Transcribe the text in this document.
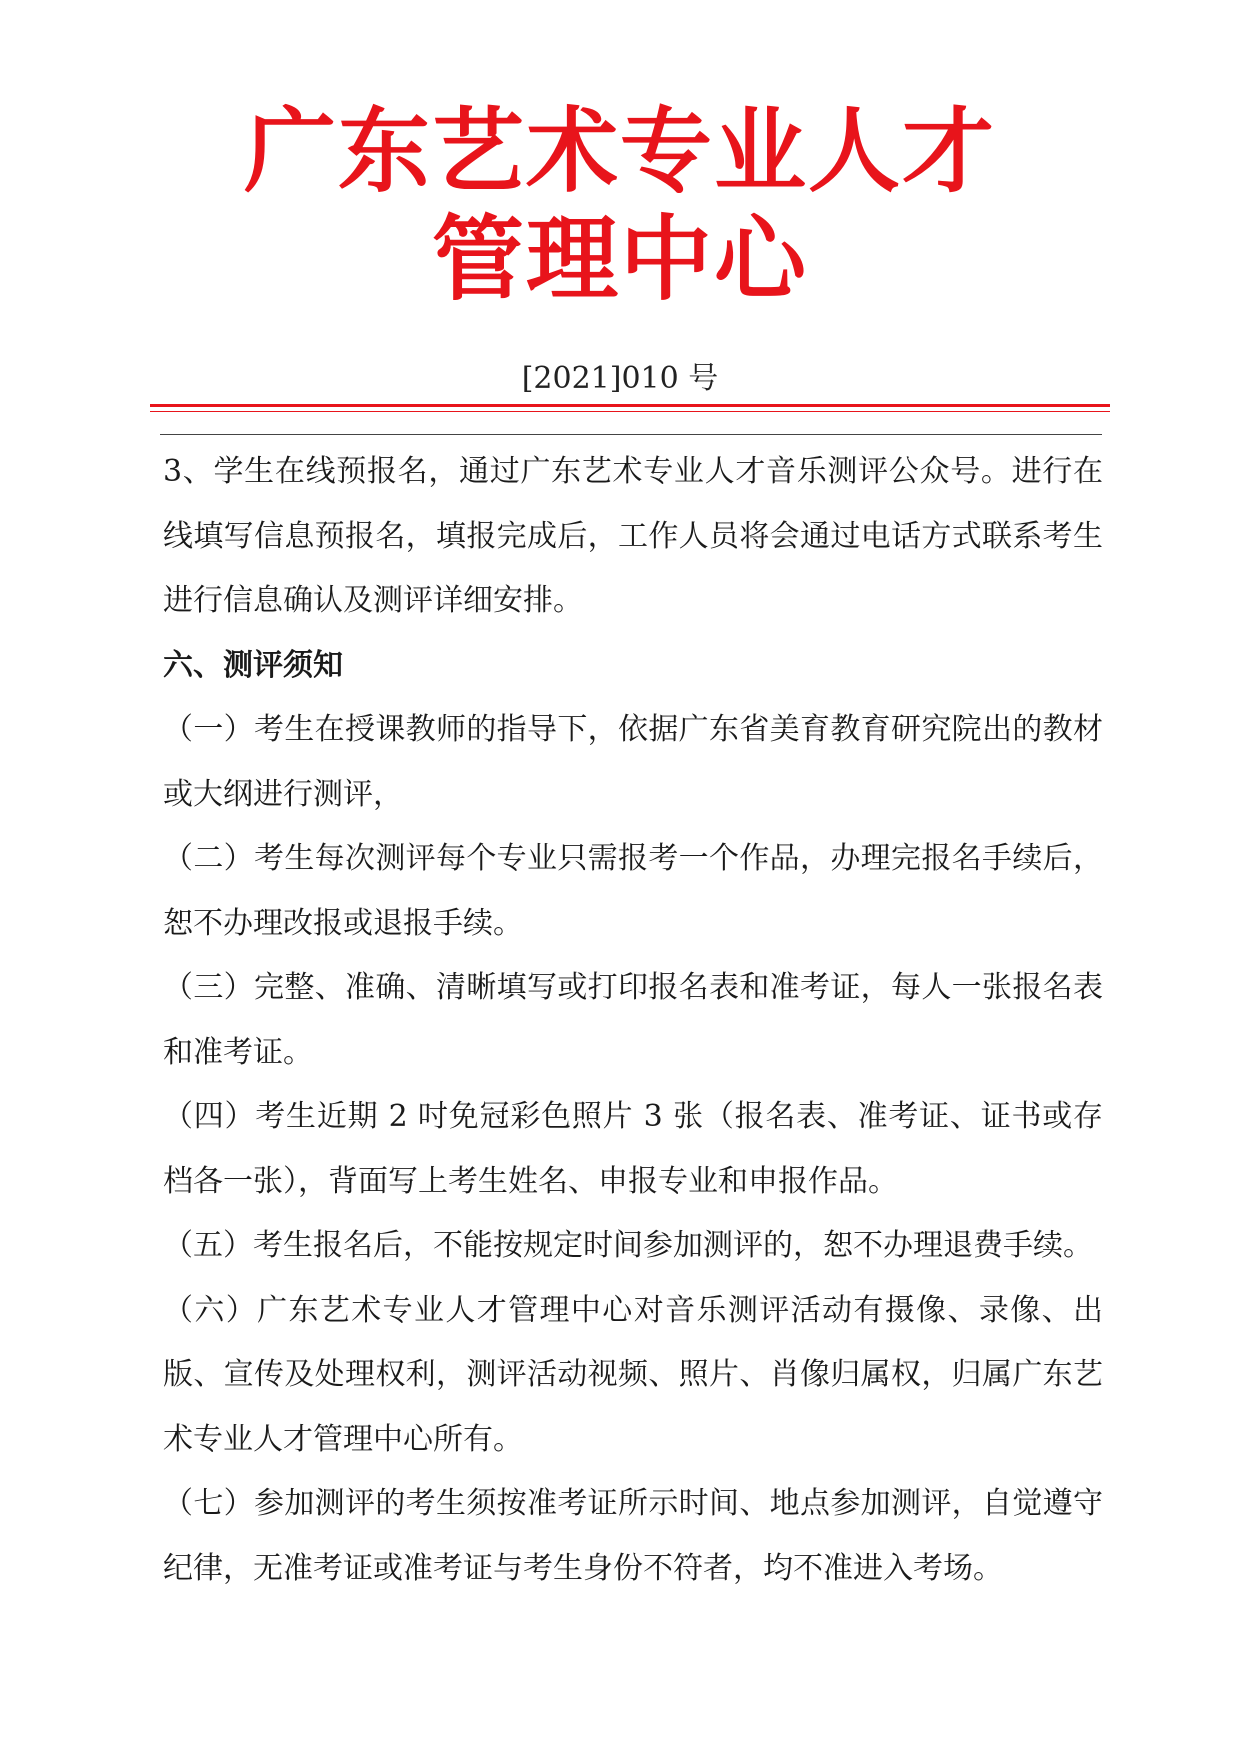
广东艺术专业人才
管理中心
[2021]010 号

3、学生在线预报名，通过广东艺术专业人才音乐测评公众号。进行在线填写信息预报名，填报完成后，工作人员将会通过电话方式联系考生进行信息确认及测评详细安排。

六、测评须知

（一）考生在授课教师的指导下，依据广东省美育教育研究院出的教材或大纲进行测评，

（二）考生每次测评每个专业只需报考一个作品，办理完报名手续后，恕不办理改报或退报手续。

（三）完整、准确、清晰填写或打印报名表和准考证，每人一张报名表和准考证。

（四）考生近期 2 吋免冠彩色照片 3 张（报名表、准考证、证书或存档各一张），背面写上考生姓名、申报专业和申报作品。

（五）考生报名后，不能按规定时间参加测评的，恕不办理退费手续。

（六）广东艺术专业人才管理中心对音乐测评活动有摄像、录像、出版、宣传及处理权利，测评活动视频、照片、肖像归属权，归属广东艺术专业人才管理中心所有。

（七）参加测评的考生须按准考证所示时间、地点参加测评，自觉遵守纪律，无准考证或准考证与考生身份不符者，均不准进入考场。
